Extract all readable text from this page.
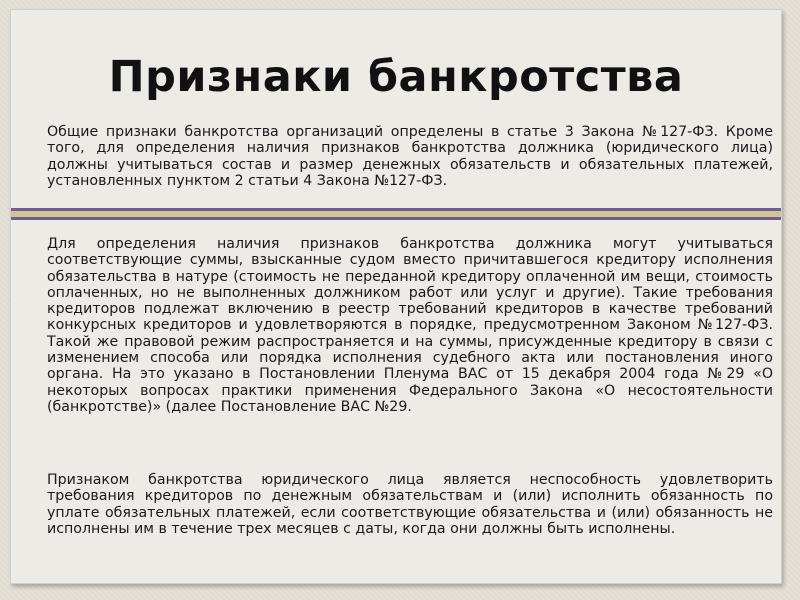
Признаки банкротства

Общие признаки банкротства организаций определены в статье 3 Закона №127-ФЗ. Кроме того, для определения наличия признаков банкротства должника (юридического лица) должны учитываться состав и размер денежных обязательств и обязательных платежей, установленных пунктом 2 статьи 4 Закона №127-ФЗ.

Для определения наличия признаков банкротства должника могут учитываться соответствующие суммы, взысканные судом вместо причитавшегося кредитору исполнения обязательства в натуре (стоимость не переданной кредитору оплаченной им вещи, стоимость оплаченных, но не выполненных должником работ или услуг и другие). Такие требования кредиторов подлежат включению в реестр требований кредиторов в качестве требований конкурсных кредиторов и удовлетворяются в порядке, предусмотренном Законом №127-ФЗ. Такой же правовой режим распространяется и на суммы, присужденные кредитору в связи с изменением способа или порядка исполнения судебного акта или постановления иного органа. На это указано в Постановлении Пленума ВАС от 15 декабря 2004 года №29 «О некоторых вопросах практики применения Федерального Закона «О несостоятельности (банкротстве)» (далее Постановление ВАС №29.

Признаком банкротства юридического лица является неспособность удовлетворить требования кредиторов по денежным обязательствам и (или) исполнить обязанность по уплате обязательных платежей, если соответствующие обязательства и (или) обязанность не исполнены им в течение трех месяцев с даты, когда они должны быть исполнены.
